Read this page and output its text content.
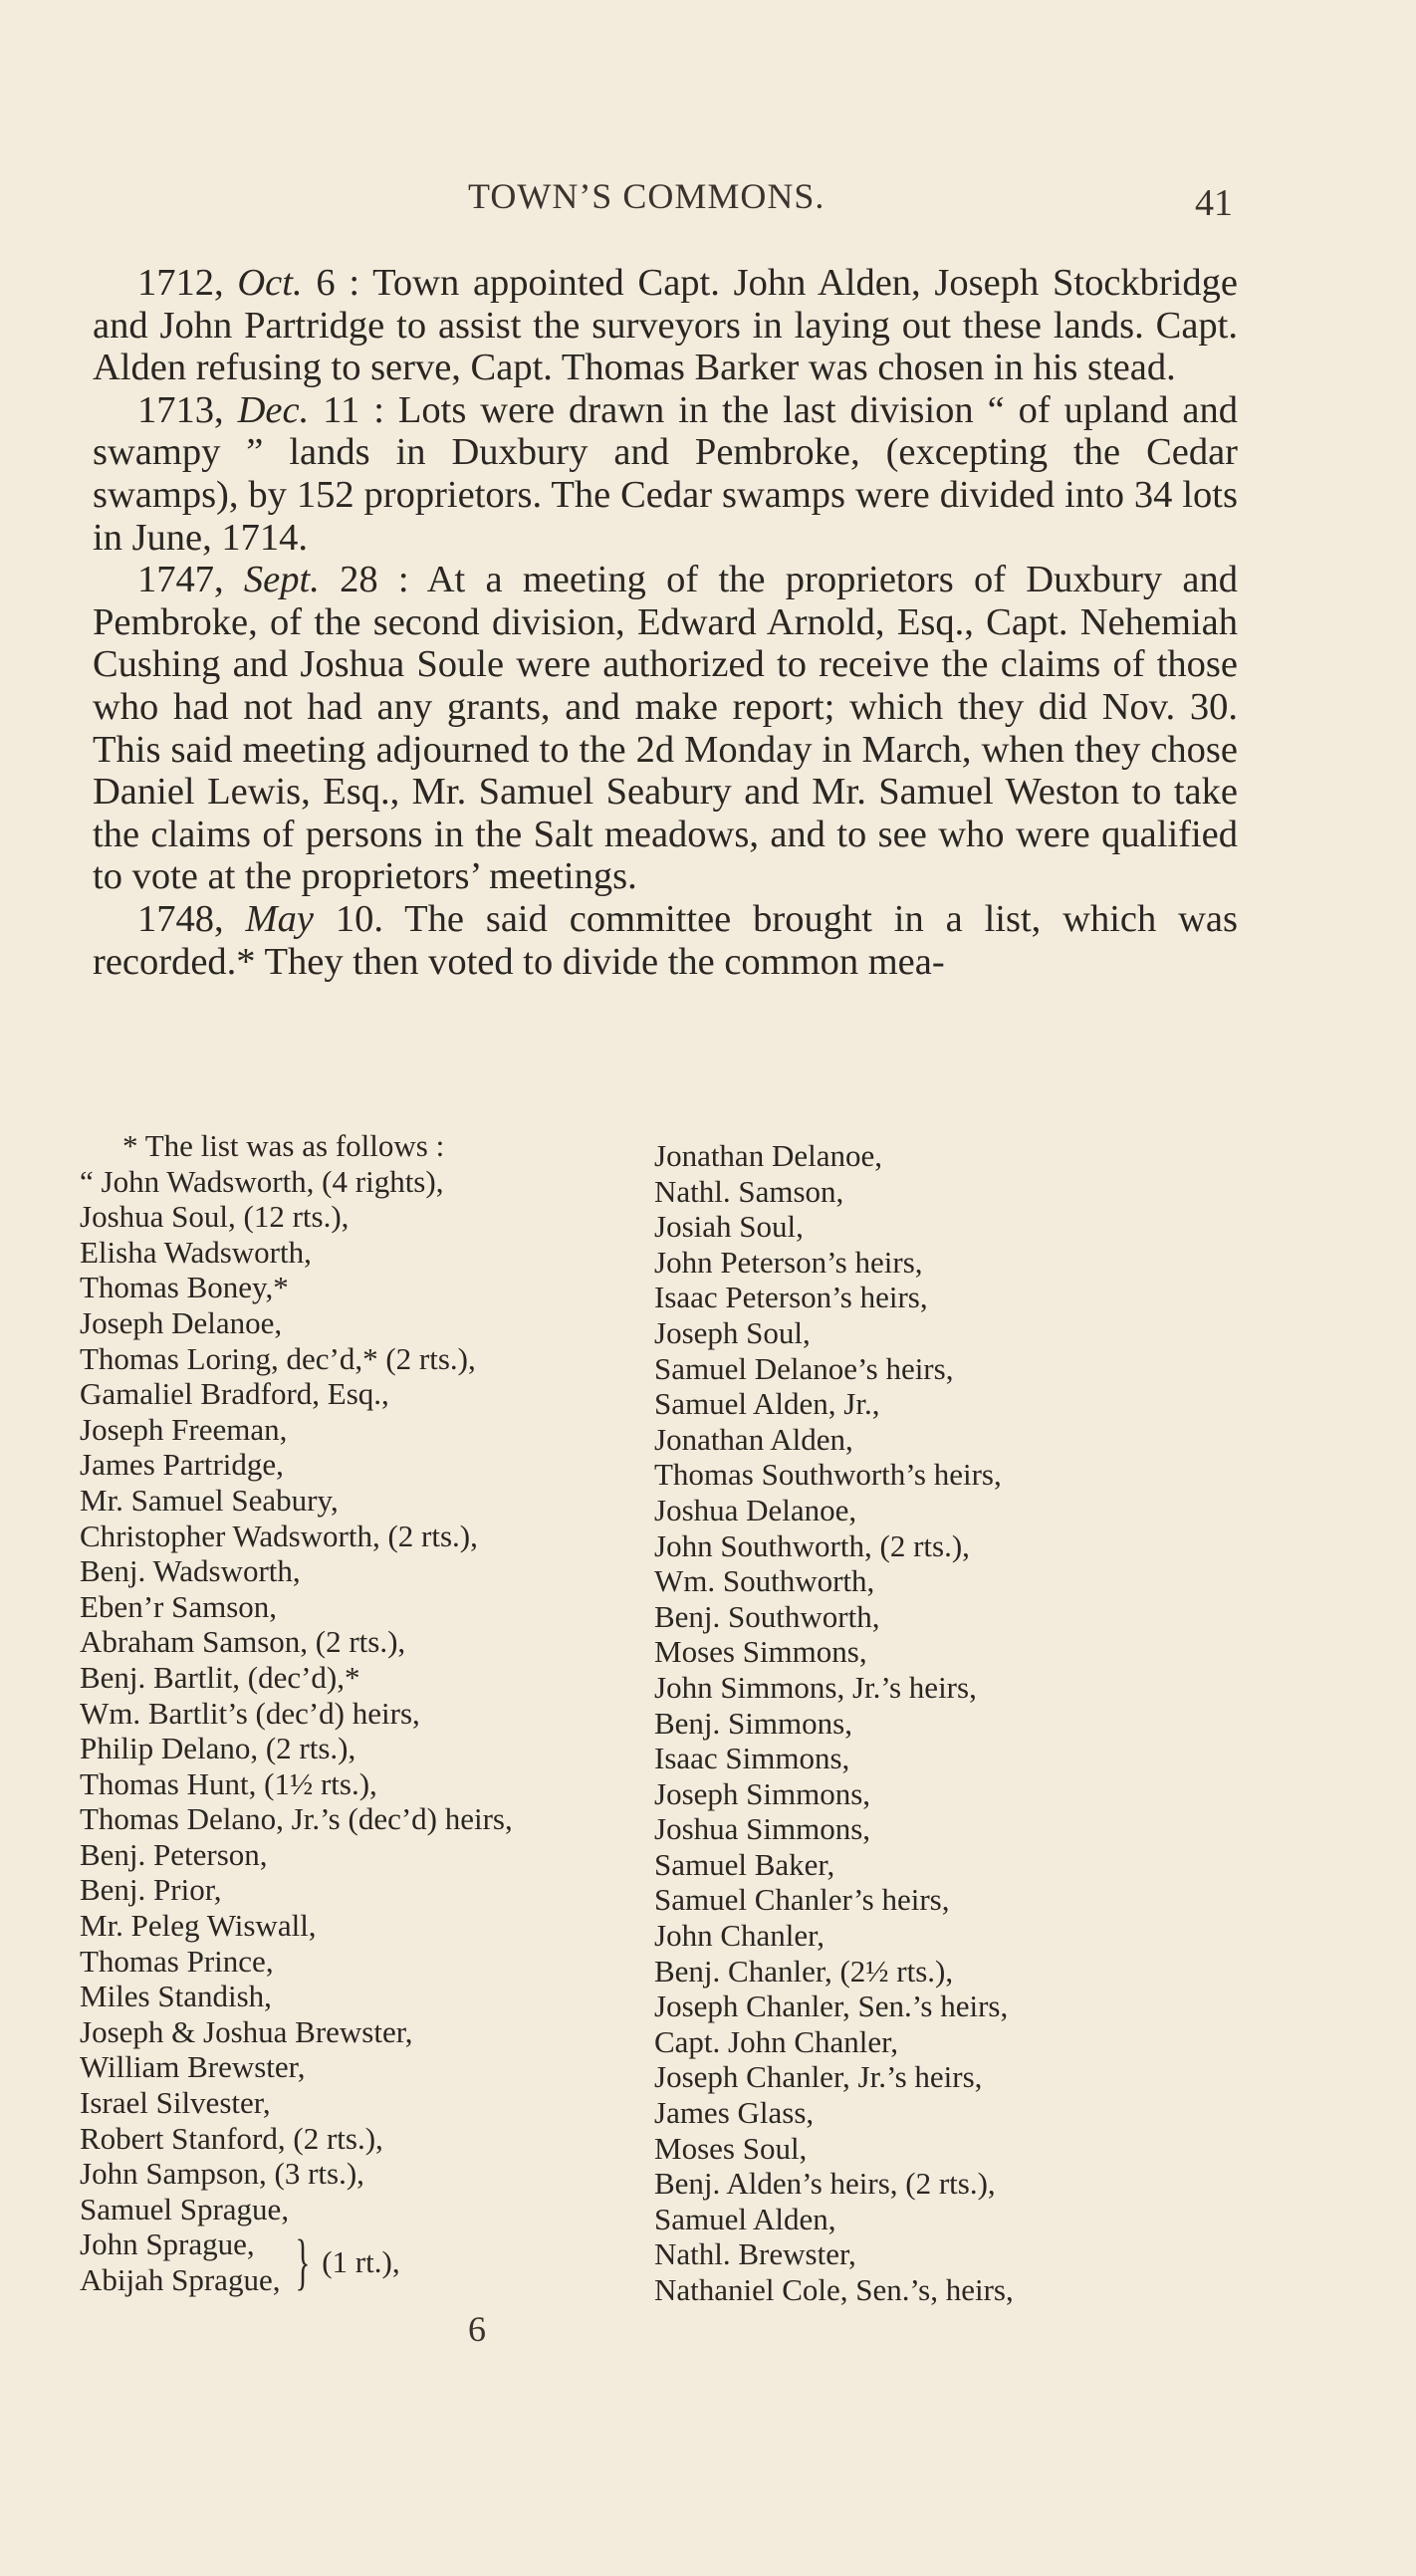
TOWN’S COMMONS.	41

1712, Oct. 6 : Town appointed Capt. John Alden, Joseph Stockbridge and John Partridge to assist the surveyors in laying out these lands. Capt. Alden refusing to serve, Capt. Thomas Barker was chosen in his stead.

1713, Dec. 11 : Lots were drawn in the last division “ of upland and swampy ” lands in Duxbury and Pembroke, (excepting the Cedar swamps), by 152 proprietors. The Cedar swamps were divided into 34 lots in June, 1714.

1747, Sept. 28 : At a meeting of the proprietors of Duxbury and Pembroke, of the second division, Edward Arnold, Esq., Capt. Nehemiah Cushing and Joshua Soule were authorized to receive the claims of those who had not had any grants, and make report; which they did Nov. 30. This said meeting adjourned to the 2d Monday in March, when they chose Daniel Lewis, Esq., Mr. Samuel Seabury and Mr. Samuel Weston to take the claims of persons in the Salt meadows, and to see who were qualified to vote at the proprietors’ meetings.

1748, May 10. The said committee brought in a list, which was recorded.* They then voted to divide the common mea-

* The list was as follows :

“ John Wadsworth, (4 rights),

Joshua Soul, (12 rts.),

Elisha Wadsworth,

Thomas Boney,*

Joseph Delanoe,

Thomas Loring, dec’d,* (2 rts.),

Gamaliel Bradford, Esq.,

Joseph Freeman,

James Partridge,

Mr. Samuel Seabury,

Christopher Wadsworth, (2 rts.),

Benj. Wadsworth,

Eben’r Samson,

Abraham Samson, (2 rts.),

Benj. Bartlit, (dec’d),*

Wm. Bartlit’s (dec’d) heirs,

Philip Delano, (2 rts.),

Thomas Hunt, (1½ rts.),

Thomas Delano, Jr.’s (dec’d) heirs,

Benj. Peterson,

Benj. Prior,

Mr. Peleg Wiswall,

Thomas Prince,

Miles Standish,

Joseph & Joshua Brewster,

William Brewster,

Israel Silvester,

Robert Stanford, (2 rts.),

John Sampson, (3 rts.),

Samuel Sprague,

John Sprague,
Abijah Sprague, } (1 rt.),

Jonathan Delanoe,

Nathl. Samson,

Josiah Soul,

John Peterson’s heirs,

Isaac Peterson’s heirs,

Joseph Soul,

Samuel Delanoe’s heirs,

Samuel Alden, Jr.,

Jonathan Alden,

Thomas Southworth’s heirs,

Joshua Delanoe,

John Southworth, (2 rts.),

Wm. Southworth,

Benj. Southworth,

Moses Simmons,

John Simmons, Jr.’s heirs,

Benj. Simmons,

Isaac Simmons,

Joseph Simmons,

Joshua Simmons,

Samuel Baker,

Samuel Chanler’s heirs,

John Chanler,

Benj. Chanler, (2½ rts.),

Joseph Chanler, Sen.’s heirs,

Capt. John Chanler,

Joseph Chanler, Jr.’s heirs,

James Glass,

Moses Soul,

Benj. Alden’s heirs, (2 rts.),

Samuel Alden,

Nathl. Brewster,

Nathaniel Cole, Sen.’s, heirs,

6
